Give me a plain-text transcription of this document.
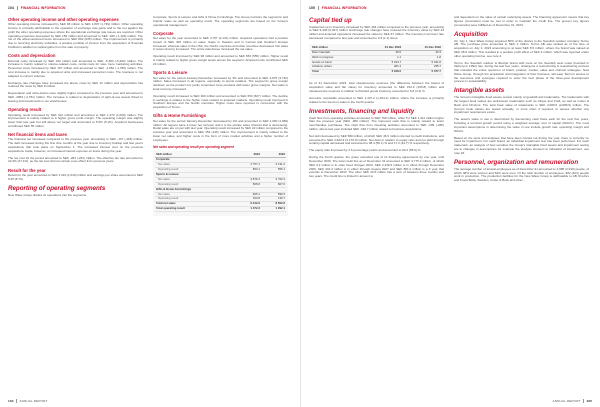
104 FINANCIAL INFORMATION
Other operating income and other operating expenses

Other operating income increased by SEK 68 million to SEK 1,807 (1,739) million. Other operating income is primarily attributable to the operation of exchange rate gains and to the net against the profit the other operating expenses where the operational exchange rate losses are reported. Other operating expenses decreased by SEK 159 million and amounted to SEK -945 (-1,104) million. The net of the aforementioned items amounted to SEK 862 (635) million. The improvement is primarily due to recurring electricity subsidies, a positive portfolio of income from the acquisition of Svenska Kraftnät in addition to capital gains from the sale of property.

Costs and depreciation

External costs increased by SEK 192 million and amounted to SEK -5,484 (-5,292) million. The increase is mainly related to volume-related costs, rental costs for sites more marketing activities. Personnel costs increased by SEK 167 million and amounted to SEK -1,952 (-1,785) million. The cost increase is mainly due to acquired units and increased personnel costs. The business is not adapted to current volumes.

Exchange rate changes have increased the above costs by SEK 12 million and depreciation has reduced the costs by SEK 8 million.

Depreciation and write-downs were slightly higher compared to the previous year and amounted to SEK -2863 (-2,781) million. The increase is related to depreciation of right-of-use assets linked to leasing and investments in our warehouses.

Operating result

Operating result increased by SEK 312 million and amounted to SEK 1,372 (1,060) million. The improvement is mainly related to a higher gross profit margin. The operating margin was slightly lower than last year but still above our target and amounted to 5.6% (5.1%). Acquired businesses contributed SEK 55 million.

Net financial items and taxes

The financial net increased compared to the previous year, amounting to SEK -137 (-118) million. The debt increased during the first nine months of the year due to inventory buildup and last year's acquisitions that took place on September 1. The increased interest cost on the previous acquisitions made, however, an increased interest expense on loans during the year.

The tax cost for the period amounted to SEK -284 (-281) million. The effective tax rate amounted to 22.3% (27.1%), as the tax cost did not contain a tax effect from previous years.

Result for the year

Result for the year amounted to SEK 1,019 (1,043) million and earnings per share amounted to SEK 8.45 (8.73).

Reporting of operating segments

New Wave Group divides its operations into the segments

Corporate, Sports & Leisure and Gifts & Home Furnishings. The Group monitors the segments' and brands' sales as well as operating result. The operating segments are based on the Group's operational management.

Corporate

Net sales for the year amounted to SEK 4,757 (4,131) million. Acquired operations had a positive impact of SEK 400 million on sales. Sales in Sweden and in Central and Southern Europe increased, whereas sales in the USA, the Nordic countries and other countries decreased. Net sales in local currency increased. The entire warehouse increased the net sales.

Operating result improved by SEK 98 million and amounted to SEK 653 (555) million. Higher result is mainly related to higher gross margin levels across the segment. Acquired units contributed SEK 24 million.

Sports & Leisure

Net sales for the period January-December increased by 3% and amounted to SEK 3,876 (3,762) million. Sales increased in all regions, especially to sports retailers. The segment's gross margin declined, as the product mix partly comprised more products with lower gross margins. Net sales in local currency increased.

Operating result increased to SEK 263 million and amounted to SEK 653 (607) million. The decline in earnings is related to the higher costs related to acquired markets. Operating result improved in Southern Europe and the Nordic countries. Higher costs were reported in connection with the acquisition of Termo.

Gifts & Home Furnishings

Net sales for the period January-December decreased by 2% and amounted to SEK 1,090 (1,089) million. All regions have a lower net turnover and it is the private sales channel that is decreasing. Retail sales are on par with last year. Operating result increased by SEK 22 million compared to the previous year and amounted to SEK 154 (130) million. The improvement is mainly related to the lower net sales, and higher costs in the form of more market activities and a higher number of employees.

Net sales and operating result per operating segment
SEK million	2023	2022
Corporate		
Net sales	4 757.1	4 131.2
Operating result	653.1	555.1
Sports & Leisure		
Net sales	3 876.4	3 762.3
Operating result	565.8	607.0
Gifts & Home Furnishings		
Net sales	605.1	590.3
Operating result	153.8	130.7
Total net sales	9 312.9	8 602.6
Total operating result	1 372.3	1 292.1
104 ANNUAL REPORT
105 FINANCIAL INFORMATION
Capital tied up

Capital tied up in inventory increased by SEK 494 million compared to the previous year, amounting to SEK 5,346 (5,047) million. Exchange rate changes have reduced the inventory value by SEK 44 million and acquired operations increased the value by SEK 67 million. The inventory's turnover rate decreased compared to last year and amounted to 0.9 (1.1) times.

SEK million	31 Dec 2023	31 Dec 2022
Raw materials	39.0	43.4
Work in progress	1.1	1.8
Goods on hand	5 344.7	5 341.8
Advance orders	261.4	335.7
Total	5 346.0	5 377.7

As of 31 December 2023, total obsolescence reserves (the difference between the lowest of acquisition value and fair value) for inventory amounted to SEK 152.9 (165.8) million and obsolescence reserves in relation to finished goods inventory amounted to 5.8 (3.4) %.

Accounts receivable amounted to SEK 1,437.2 (1,404.1) million, where the increase is primarily related to the trend on sales in the fourth quarter.

Investments, financing and liquidity

Cash flow from operating activities amounted to SEK 769 million, while Tvt SEK 1,311 million higher than the previous year (SEK -380 million). The improved cash flow is mainly related to lower merchandise purchases. The cash flow from investing activities amounted to SEK -209 (-482) million, where last year included SEK -190.7 million related to business acquisitions.

Net debt decreased by SEK 580 million, of which SEK 46.9 million referred to credit institutions, and amounted to SEK 2,620.9 (3,176.0) million. Net debt in relation to equity ratio and net debt through working capital decreased and amounted to 38.4 (50.1) % and 17.2 (44.7) % respectively.

The equity ratio improved by 4.6 percentage points and amounted to 60.2 (55.6) %.

During the fourth quarter, the group extended one of its financing agreements by one year, until December 2026. The total credit line as of December 31 amounted to SEK 3,775.2 million, of which SEK 0.4 million is in other fixed charges 2024, SEK 2,449.5 million is in effect through December 2026, SEK 444.3 million is in effect through August 2027 and SEK 881.0 million is a 3 year that extends to December 2033. The other SEK 20.0 million has a term of between three months and two years. The credit line is limited in amount to

and dependent on the value of certain underlying assets. The financing agreement means that key figures (covenants) must be met in order to maintain the credit line. The group's key figures (covenants) were fulfilled as of December 31, 2023.

Acquisition

On July 1, New Wave Group acquired 80% of the shares in the Swedish outdoor company Termo AB. The purchase price amounted to SEK 2 million. Termo AB was ranked as of the time of acquisition on July 1, 2023 amounting to at least SEK 8.5 million, where the brand was valued at SEK 38.9 million. This resulted in a positive profit effect of SEK 4 million, which was reported under other operating income, see note 4.

Termo, the Swedish outdoor & lifestyle brand with roots on the Swedish west coast (founded in Varberg in 1992) has, during the last four years, undergone a restructuring & repositioning process that included the entire spectrum of brand, product, market, sales and channel strategies. New Wave Group, through the acquisition and integration of their business, will ease Termo's access to the resources and synergies required to enter the next phase of the three-year development process in sustainability.

Intangible assets

The Group's intangible fixed assets consist mainly of goodwill and trademarks. The trademarks with the largest book values are well-known trademarks such as Clique and Craft, as well as Cutter & Buck and Orrefors. The total book value of trademarks is SEK 2,089.6 (2,089.9) million. The Group's book values are tested annually, or more often if required, to assess whether any impairment requirement exists.

The asset's value in use is determined by discounting cash flows each for the next five years, including a terminal growth period using a weighted average cost of capital (WACC). The most important assumptions in determining the value in use include growth rate, operating margin and WACC.

Based on the tests and analyses that have been carried out during the year, there is currently no need for impairment. For each brand, an individual impairment test has been performed. For each trademark, an analysis of how sensitive the Group's intangible fixed assets and impairment testing are to changes in assumptions for example the analysis showed no indication of impairment, see note 18.

Personnel, organization and remuneration

The average number of annual employees as of December 31 amounted to 2,985 (2,919) people, of which 48% were women and 52% were men. Of the total number of employees, 382 (404) people work in production. The production facilities for the New Wave Group is attributable to AB Orrefors and Kosta Boda, Sweden, Cutter & Buck and other...

ANNUAL REPORT 105
